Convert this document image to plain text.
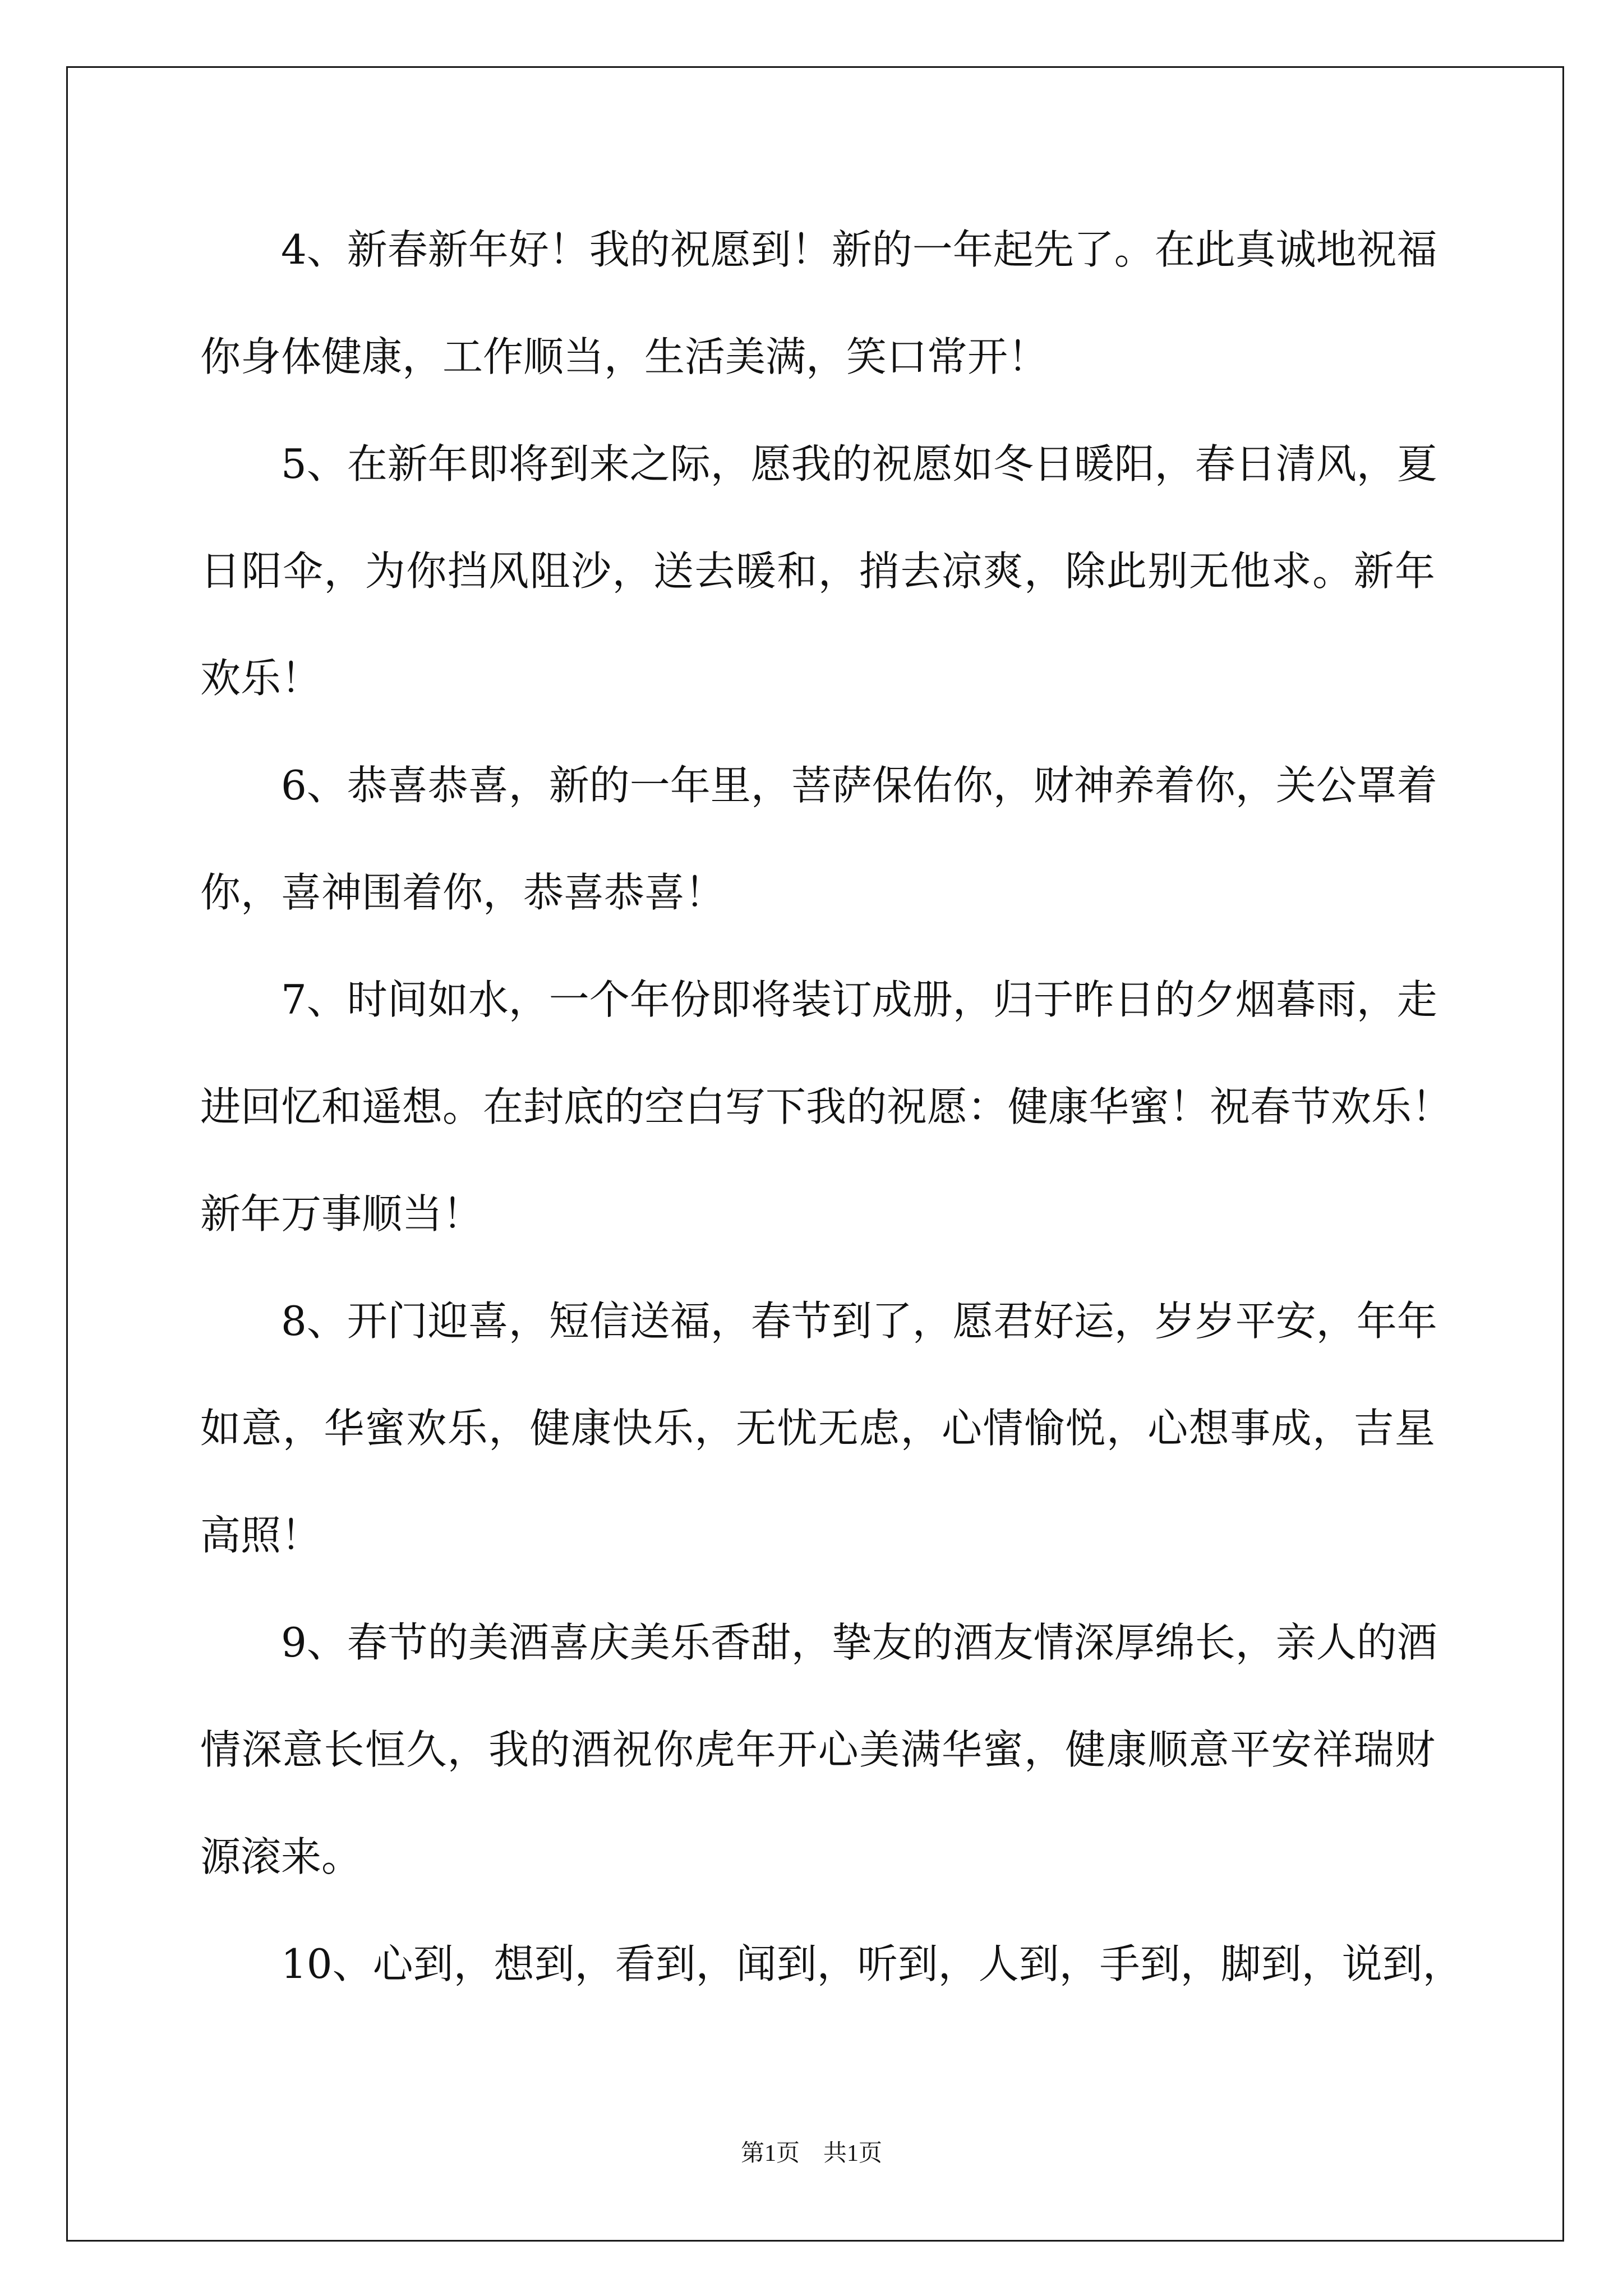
4、新春新年好！我的祝愿到！新的一年起先了。在此真诚地祝福
你身体健康，工作顺当，生活美满，笑口常开！
5、在新年即将到来之际，愿我的祝愿如冬日暖阳，春日清风，夏
日阳伞，为你挡风阻沙，送去暖和，捎去凉爽，除此别无他求。新年
欢乐！
6、恭喜恭喜，新的一年里，菩萨保佑你，财神养着你，关公罩着
你，喜神围着你，恭喜恭喜！
7、时间如水，一个年份即将装订成册，归于昨日的夕烟暮雨，走
进回忆和遥想。在封底的空白写下我的祝愿：健康华蜜！祝春节欢乐！
新年万事顺当！
8、开门迎喜，短信送福，春节到了，愿君好运，岁岁平安，年年
如意，华蜜欢乐，健康快乐，无忧无虑，心情愉悦，心想事成，吉星
高照！
9、春节的美酒喜庆美乐香甜，挚友的酒友情深厚绵长，亲人的酒
情深意长恒久，我的酒祝你虎年开心美满华蜜，健康顺意平安祥瑞财
源滚来。
10、心到，想到，看到，闻到，听到，人到，手到，脚到，说到，
第1页　共1页
